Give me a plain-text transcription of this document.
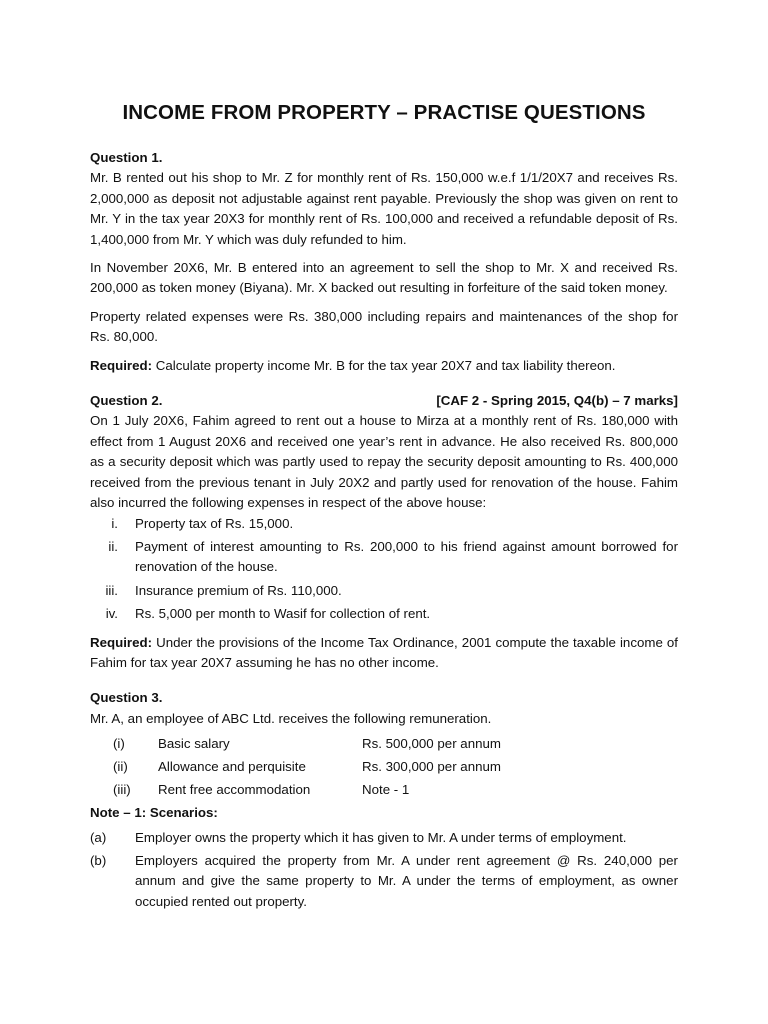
INCOME FROM PROPERTY – PRACTISE QUESTIONS
Question 1.

Mr. B rented out his shop to Mr. Z for monthly rent of Rs. 150,000 w.e.f 1/1/20X7 and receives Rs. 2,000,000 as deposit not adjustable against rent payable. Previously the shop was given on rent to Mr. Y in the tax year 20X3 for monthly rent of Rs. 100,000 and received a refundable deposit of Rs. 1,400,000 from Mr. Y which was duly refunded to him.

In November 20X6, Mr. B entered into an agreement to sell the shop to Mr. X and received Rs. 200,000 as token money (Biyana). Mr. X backed out resulting in forfeiture of the said token money.

Property related expenses were Rs. 380,000 including repairs and maintenances of the shop for Rs. 80,000.

Required: Calculate property income Mr. B for the tax year 20X7 and tax liability thereon.

Question 2.	[CAF 2 - Spring 2015, Q4(b) – 7 marks]

On 1 July 20X6, Fahim agreed to rent out a house to Mirza at a monthly rent of Rs. 180,000 with effect from 1 August 20X6 and received one year’s rent in advance. He also received Rs. 800,000 as a security deposit which was partly used to repay the security deposit amounting to Rs. 400,000 received from the previous tenant in July 20X2 and partly used for renovation of the house. Fahim also incurred the following expenses in respect of the above house:

i.	Property tax of Rs. 15,000.
ii.	Payment of interest amounting to Rs. 200,000 to his friend against amount borrowed for renovation of the house.
iii.	Insurance premium of Rs. 110,000.
iv.	Rs. 5,000 per month to Wasif for collection of rent.

Required: Under the provisions of the Income Tax Ordinance, 2001 compute the taxable income of Fahim for tax year 20X7 assuming he has no other income.

Question 3.

Mr. A, an employee of ABC Ltd. receives the following remuneration.

(i)	Basic salary	Rs. 500,000 per annum
(ii)	Allowance and perquisite	Rs. 300,000 per annum
(iii)	Rent free accommodation	Note - 1
Note – 1: Scenarios:
(a)	Employer owns the property which it has given to Mr. A under terms of employment.
(b)	Employers acquired the property from Mr. A under rent agreement @ Rs. 240,000 per annum and give the same property to Mr. A under the terms of employment, as owner occupied rented out property.
